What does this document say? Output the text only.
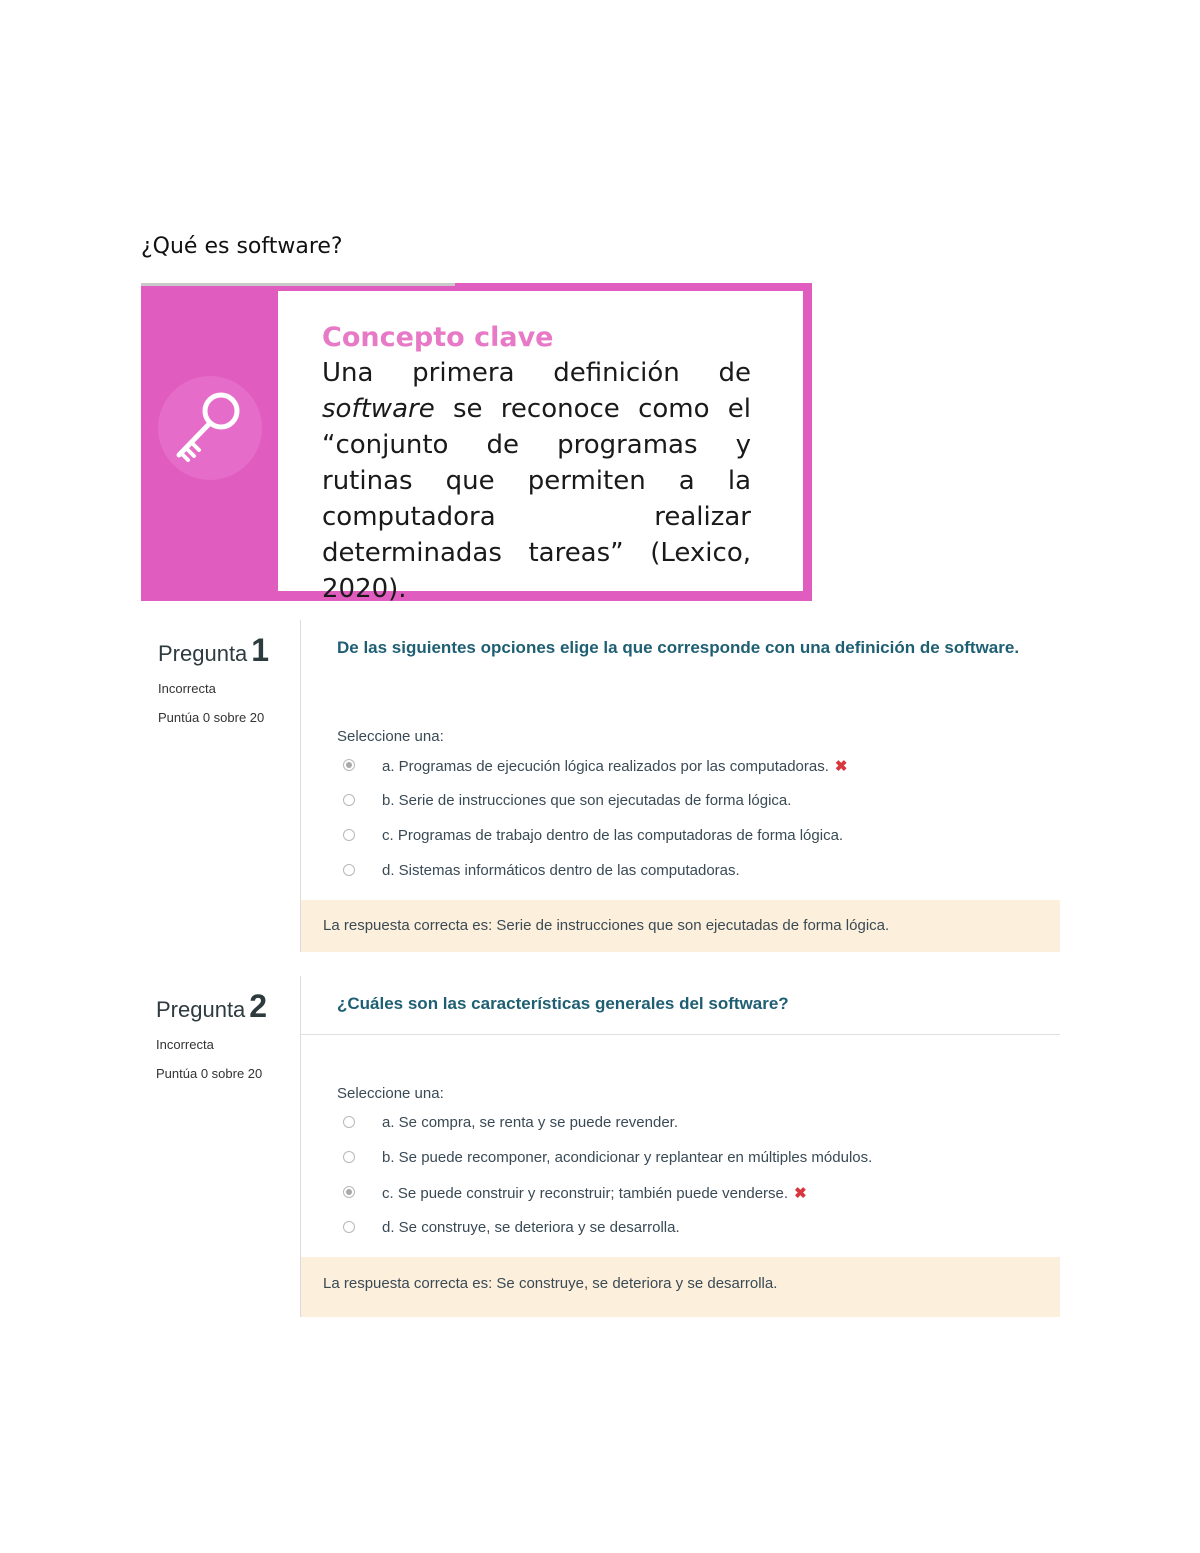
¿Qué es software?

Concepto clave

Una primera definición de software se reconoce como el “conjunto de programas y rutinas que permiten a la computadora realizar determinadas tareas” (Lexico, 2020).

Pregunta 1
Incorrecta
Puntúa 0 sobre 20
De las siguientes opciones elige la que corresponde con una definición de software.
Seleccione una:
a. Programas de ejecución lógica realizados por las computadoras. ✖
b. Serie de instrucciones que son ejecutadas de forma lógica.
c. Programas de trabajo dentro de las computadoras de forma lógica.
d. Sistemas informáticos dentro de las computadoras.
La respuesta correcta es: Serie de instrucciones que son ejecutadas de forma lógica.
Pregunta 2
Incorrecta
Puntúa 0 sobre 20
¿Cuáles son las características generales del software?
Seleccione una:
a. Se compra, se renta y se puede revender.
b. Se puede recomponer, acondicionar y replantear en múltiples módulos.
c. Se puede construir y reconstruir; también puede venderse. ✖
d. Se construye, se deteriora y se desarrolla.
La respuesta correcta es: Se construye, se deteriora y se desarrolla.
